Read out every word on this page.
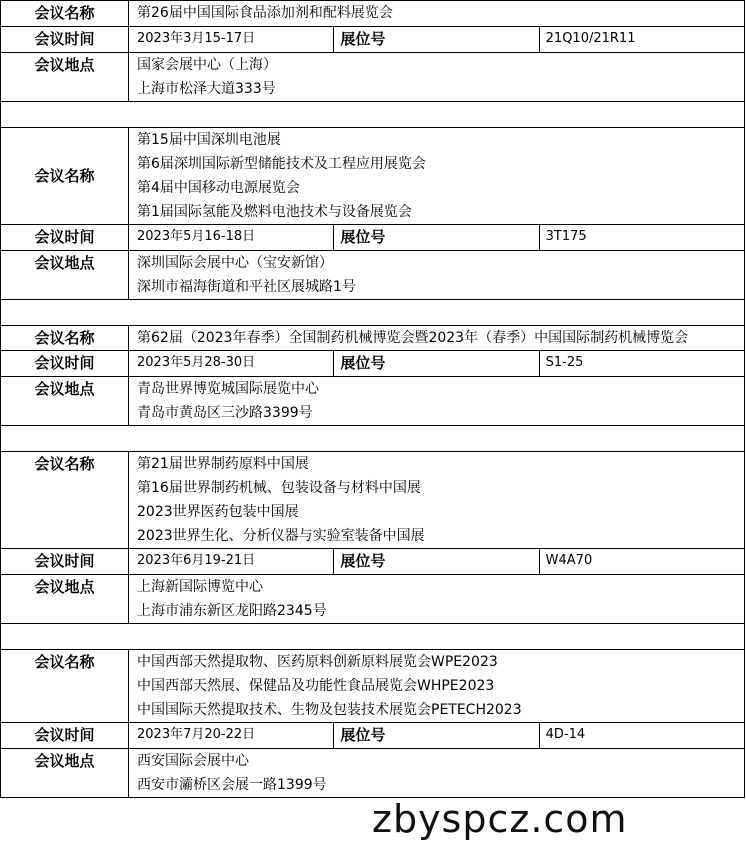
会议名称	第26届中国国际食品添加剂和配料展览会		

会议时间	2023年3月15-17日	展位号	21Q10/21R11

会议地点	国家会展中心（上海）
上海市松泽大道333号		

会议名称	第15届中国深圳电池展
第6届深圳国际新型储能技术及工程应用展览会
第4届中国移动电源展览会
第1届国际氢能及燃料电池技术与设备展览会		

会议时间	2023年5月16-18日	展位号	3T175

会议地点	深圳国际会展中心（宝安新馆）
深圳市福海街道和平社区展城路1号		

会议名称	第62届（2023年春季）全国制药机械博览会暨2023年（春季）中国国际制药机械博览会		

会议时间	2023年5月28-30日	展位号	S1-25

会议地点	青岛世界博览城国际展览中心
青岛市黄岛区三沙路3399号		

会议名称	第21届世界制药原料中国展
第16届世界制药机械、包装设备与材料中国展
2023世界医药包装中国展
2023世界生化、分析仪器与实验室装备中国展		

会议时间	2023年6月19-21日	展位号	W4A70

会议地点	上海新国际博览中心
上海市浦东新区龙阳路2345号		

会议名称	中国西部天然提取物、医药原料创新原料展览会WPE2023
中国西部天然展、保健品及功能性食品展览会WHPE2023
中国国际天然提取技术、生物及包装技术展览会PETECH2023		

会议时间	2023年7月20-22日	展位号	4D-14

会议地点	西安国际会展中心
西安市灞桥区会展一路1399号		
zbyspcz.com
